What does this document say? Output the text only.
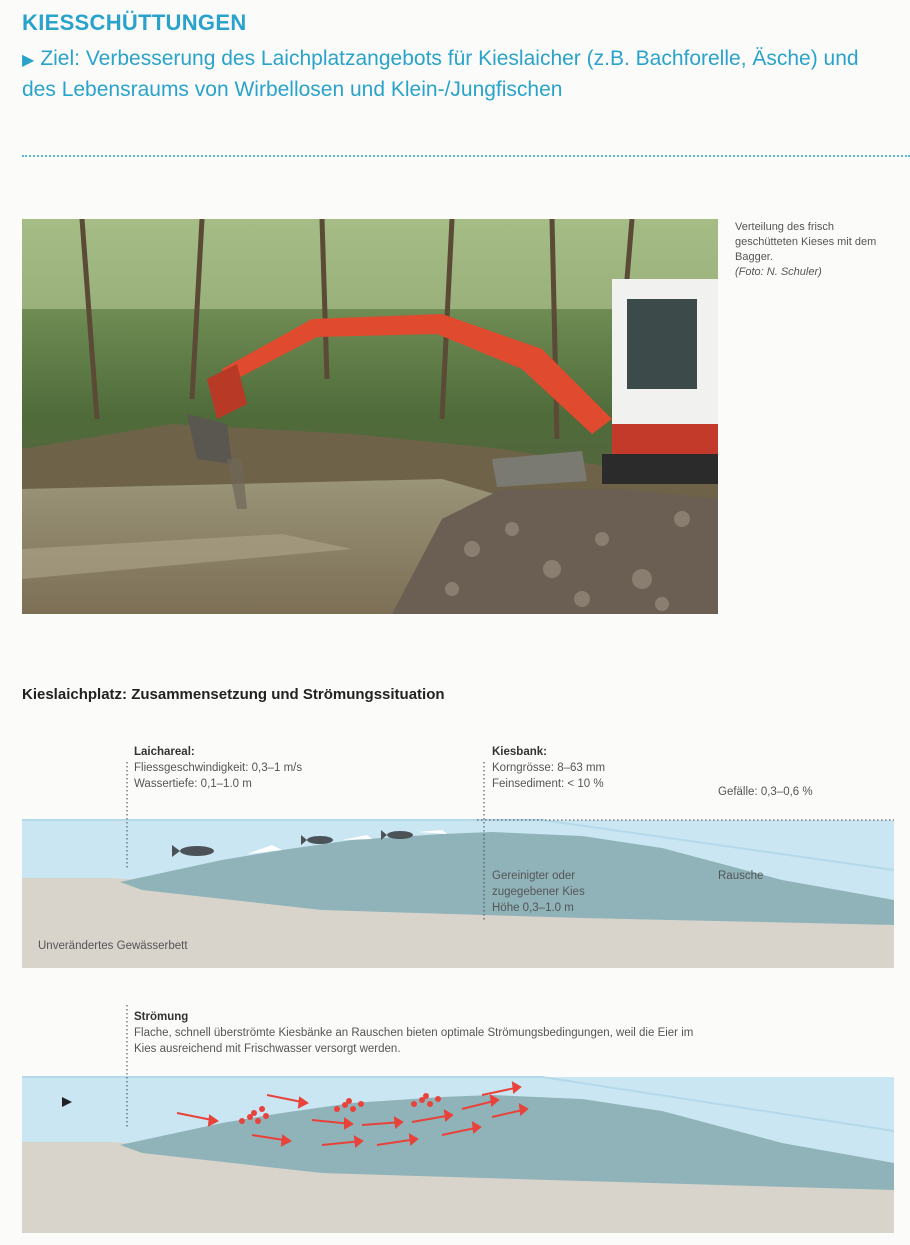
KIESSCHÜTTUNGEN
▶ Ziel: Verbesserung des Laichplatzangebots für Kieslaicher (z.B. Bachforelle, Äsche) und des Lebensraums von Wirbellosen und Klein-/Jungfischen
Verteilung des frisch geschütteten Kieses mit dem Bagger.
(Foto: N. Schuler)
Kieslaichplatz: Zusammensetzung und Strömungssituation
Laichareal:
Fliessgeschwindigkeit: 0,3–1 m/s
Wassertiefe: 0,1–1.0 m
Kiesbank:
Korngrösse: 8–63 mm
Feinsediment: < 10 %
Gefälle: 0,3–0,6 %
Gereinigter oder
zugegebener Kies
Höhe 0,3–1.0 m
Rausche
Unverändertes Gewässerbett
Strömung
Flache, schnell überströmte Kiesbänke an Rauschen bieten optimale Strömungsbedingungen, weil die Eier im
Kies ausreichend mit Frischwasser versorgt werden.
